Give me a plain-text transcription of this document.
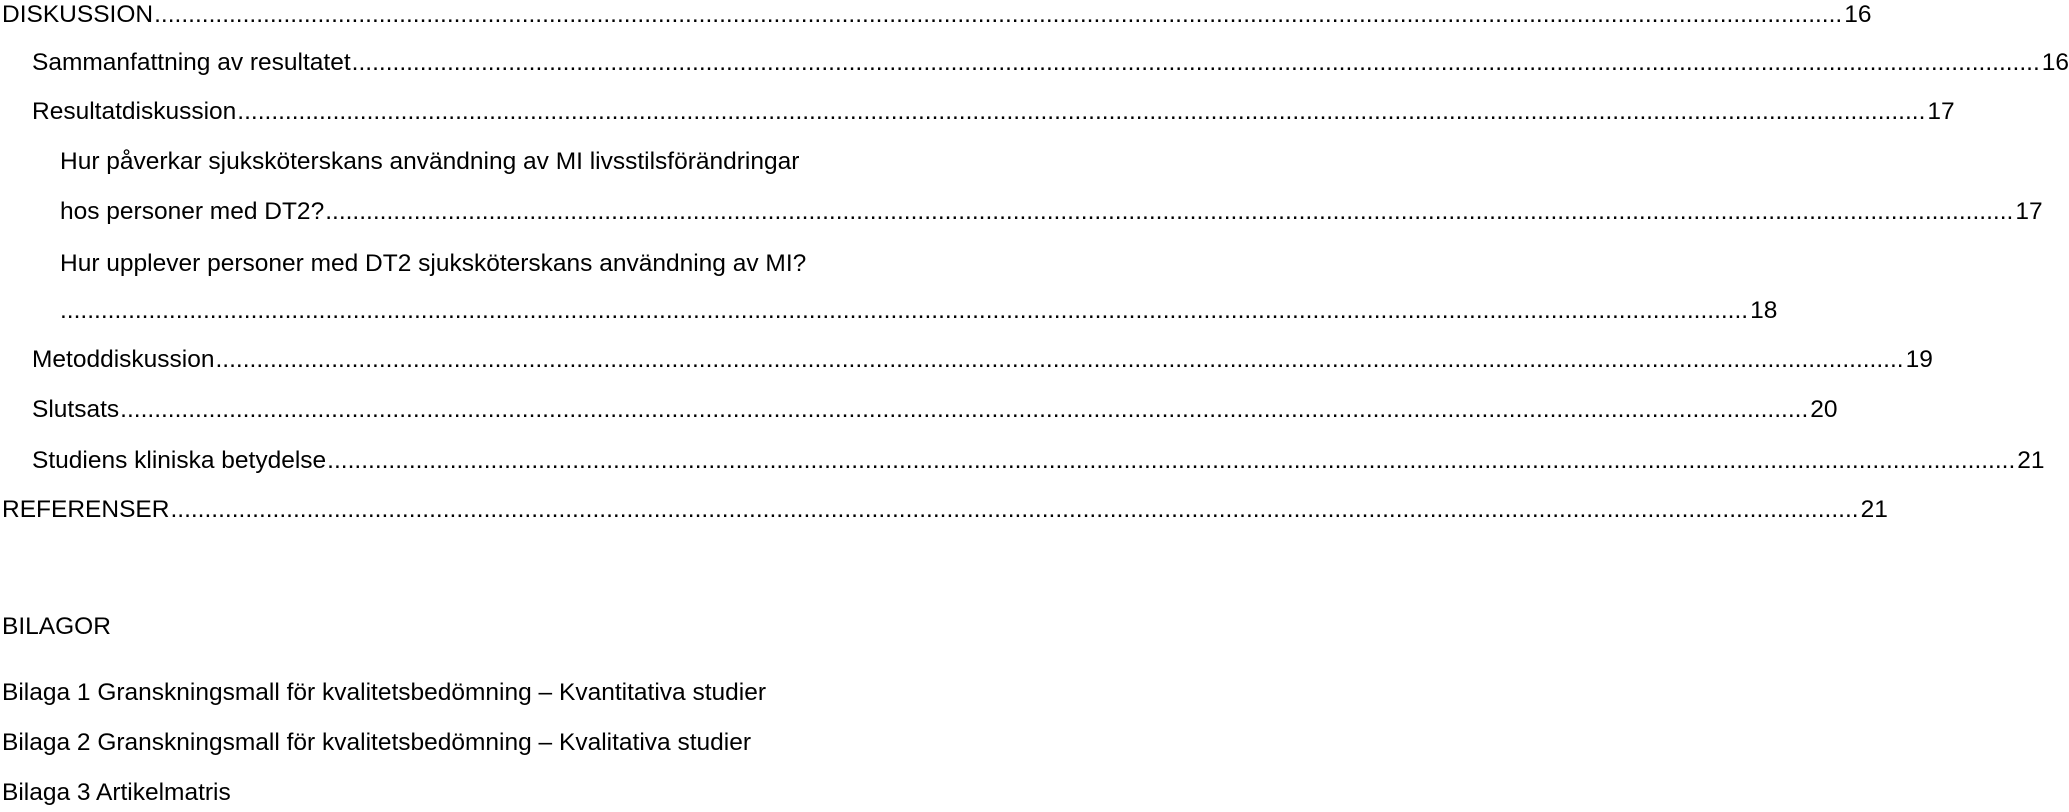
DISKUSSION ........................................................................................................................................................................................................................................................ 16
Sammanfattning av resultatet ........................................................................................................................................................................................................................................................ 16
Resultatdiskussion ........................................................................................................................................................................................................................................................ 17
Hur påverkar sjuksköterskans användning av MI livsstilsförändringar
hos personer med DT2? ........................................................................................................................................................................................................................................................ 17
Hur upplever personer med DT2 sjuksköterskans användning av MI?
........................................................................................................................................................................................................................................................ 18
Metoddiskussion ........................................................................................................................................................................................................................................................ 19
Slutsats ........................................................................................................................................................................................................................................................ 20
Studiens kliniska betydelse ........................................................................................................................................................................................................................................................ 21
REFERENSER ........................................................................................................................................................................................................................................................ 21
BILAGOR
Bilaga 1 Granskningsmall för kvalitetsbedömning – Kvantitativa studier
Bilaga 2 Granskningsmall för kvalitetsbedömning – Kvalitativa studier
Bilaga 3 Artikelmatris
